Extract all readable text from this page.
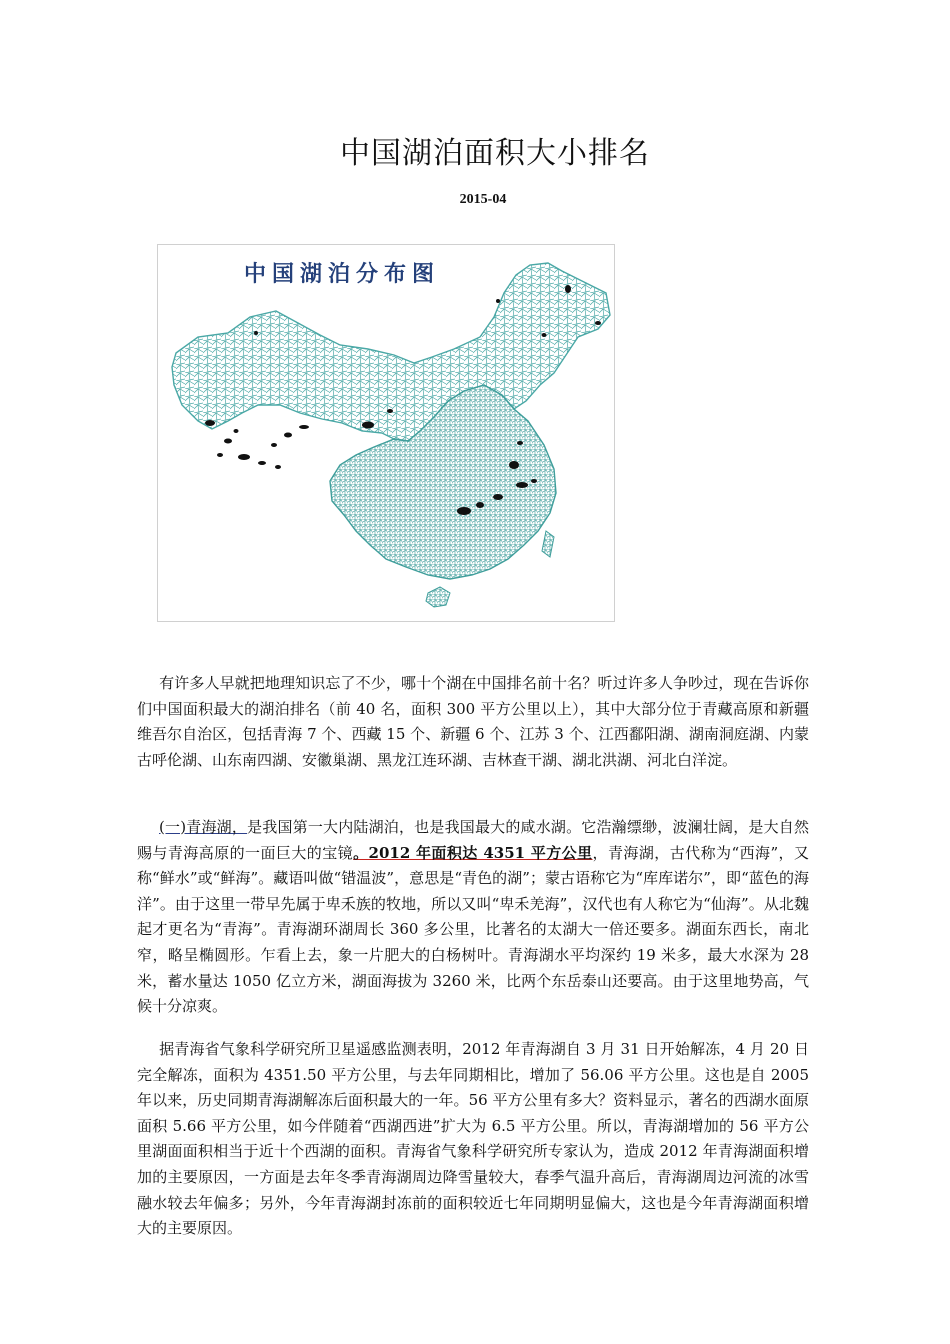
中国湖泊面积大小排名
2015-04
中国湖泊分布图

有许多人早就把地理知识忘了不少，哪十个湖在中国排名前十名？听过许多人争吵过，现在告诉你们中国面积最大的湖泊排名（前 40 名，面积 300 平方公里以上），其中大部分位于青藏高原和新疆维吾尔自治区，包括青海 7 个、西藏 15 个、新疆 6 个、江苏 3 个、江西鄱阳湖、湖南洞庭湖、内蒙古呼伦湖、山东南四湖、安徽巢湖、黑龙江连环湖、吉林查干湖、湖北洪湖、河北白洋淀。

(一)青海湖，是我国第一大内陆湖泊，也是我国最大的咸水湖。它浩瀚缥缈，波澜壮阔，是大自然赐与青海高原的一面巨大的宝镜。2012 年面积达 4351 平方公里，青海湖，古代称为“西海”，又称“鲜水”或“鲜海”。藏语叫做“错温波”，意思是“青色的湖”；蒙古语称它为“库库诺尔”，即“蓝色的海洋”。由于这里一带早先属于卑禾族的牧地，所以又叫“卑禾羌海”，汉代也有人称它为“仙海”。从北魏起才更名为“青海”。青海湖环湖周长 360 多公里，比著名的太湖大一倍还要多。湖面东西长，南北窄，略呈椭圆形。乍看上去，象一片肥大的白杨树叶。青海湖水平均深约 19 米多，最大水深为 28 米，蓄水量达 1050 亿立方米，湖面海拔为 3260 米，比两个东岳泰山还要高。由于这里地势高，气候十分凉爽。

据青海省气象科学研究所卫星遥感监测表明，2012 年青海湖自 3 月 31 日开始解冻，4 月 20 日完全解冻，面积为 4351.50 平方公里，与去年同期相比，增加了 56.06 平方公里。这也是自 2005 年以来，历史同期青海湖解冻后面积最大的一年。56 平方公里有多大？资料显示，著名的西湖水面原面积 5.66 平方公里，如今伴随着“西湖西进”扩大为 6.5 平方公里。所以，青海湖增加的 56 平方公里湖面面积相当于近十个西湖的面积。青海省气象科学研究所专家认为，造成 2012 年青海湖面积增加的主要原因，一方面是去年冬季青海湖周边降雪量较大，春季气温升高后，青海湖周边河流的冰雪融水较去年偏多；另外，今年青海湖封冻前的面积较近七年同期明显偏大，这也是今年青海湖面积增大的主要原因。
